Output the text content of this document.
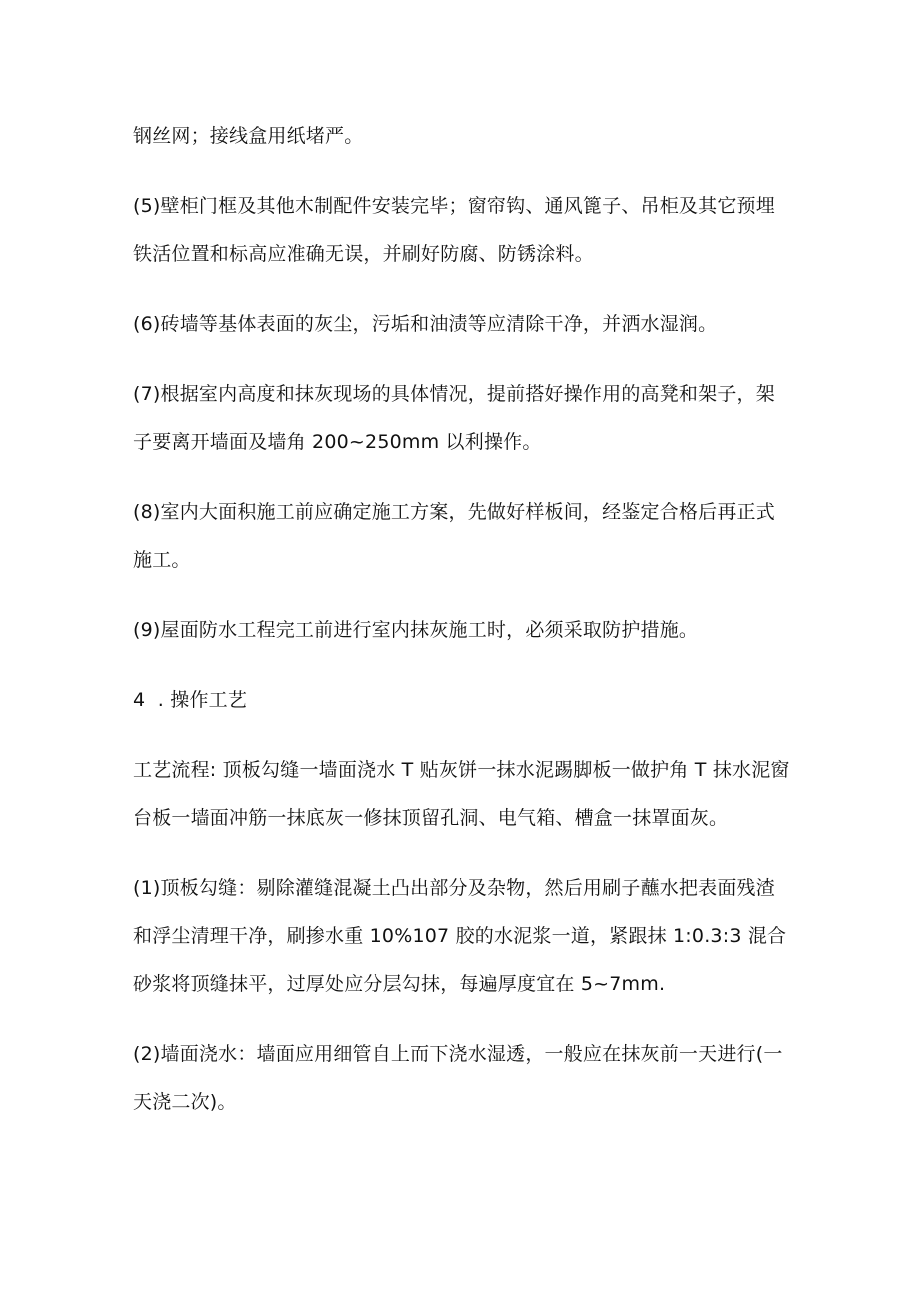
钢丝网；接线盒用纸堵严。

(5)壁柜门框及其他木制配件安装完毕；窗帘钩、通风篦子、吊柜及其它预埋铁活位置和标高应准确无误，并刷好防腐、防锈涂料。

(6)砖墙等基体表面的灰尘，污垢和油渍等应清除干净，并洒水湿润。

(7)根据室内高度和抹灰现场的具体情况，提前搭好操作用的高凳和架子，架子要离开墙面及墙角 200~250mm 以利操作。

(8)室内大面积施工前应确定施工方案，先做好样板间，经鉴定合格后再正式施工。

(9)屋面防水工程完工前进行室内抹灰施工时，必须采取防护措施。

4  . 操作工艺

工艺流程: 顶板勾缝一墙面浇水 T 贴灰饼一抹水泥踢脚板一做护角 T 抹水泥窗台板一墙面冲筋一抹底灰一修抹顶留孔洞、电气箱、槽盒一抹罩面灰。

(1)顶板勾缝：剔除灌缝混凝土凸出部分及杂物，然后用刷子蘸水把表面残渣和浮尘清理干净，刷掺水重 10%107 胶的水泥浆一道，紧跟抹 1:0.3:3 混合砂浆将顶缝抹平，过厚处应分层勾抹，每遍厚度宜在 5~7mm.

(2)墙面浇水：墙面应用细管自上而下浇水湿透，一般应在抹灰前一天进行(一天浇二次)。
